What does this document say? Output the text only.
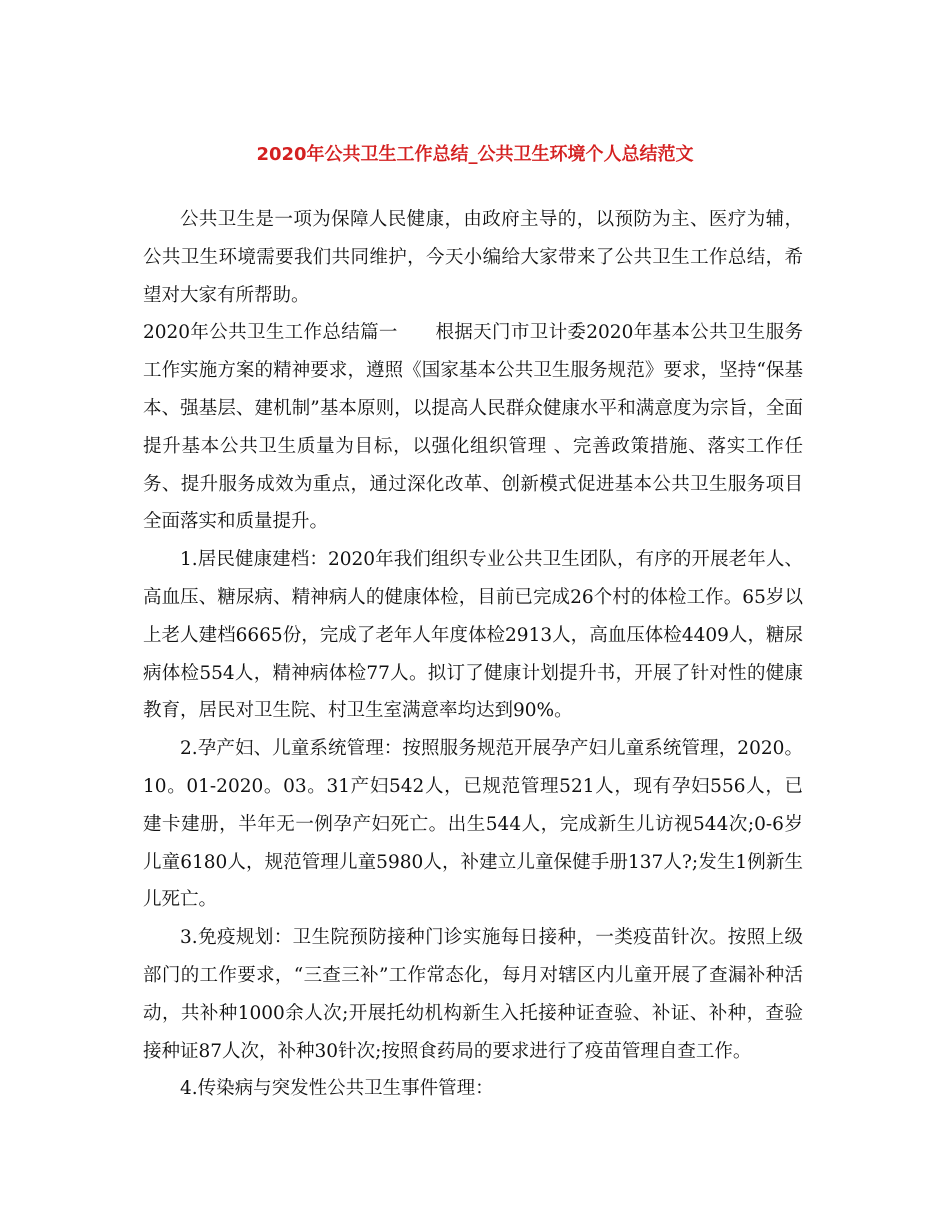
2020年公共卫生工作总结_公共卫生环境个人总结范文

公共卫生是一项为保障人民健康，由政府主导的，以预防为主、医疗为辅，公共卫生环境需要我们共同维护，今天小编给大家带来了公共卫生工作总结，希望对大家有所帮助。

2020年公共卫生工作总结篇一　　根据天门市卫计委2020年基本公共卫生服务工作实施方案的精神要求，遵照《国家基本公共卫生服务规范》要求，坚持“保基本、强基层、建机制”基本原则，以提高人民群众健康水平和满意度为宗旨，全面提升基本公共卫生质量为目标，以强化组织管理 、完善政策措施、落实工作任务、提升服务成效为重点，通过深化改革、创新模式促进基本公共卫生服务项目全面落实和质量提升。

1.居民健康建档：2020年我们组织专业公共卫生团队，有序的开展老年人、高血压、糖尿病、精神病人的健康体检，目前已完成26个村的体检工作。65岁以上老人建档6665份，完成了老年人年度体检2913人，高血压体检4409人，糖尿病体检554人，精神病体检77人。拟订了健康计划提升书，开展了针对性的健康教育，居民对卫生院、村卫生室满意率均达到90%。

2.孕产妇、儿童系统管理：按照服务规范开展孕产妇儿童系统管理，2020。10。01-2020。03。31产妇542人，已规范管理521人，现有孕妇556人，已建卡建册，半年无一例孕产妇死亡。出生544人，完成新生儿访视544次;0-6岁儿童6180人，规范管理儿童5980人，补建立儿童保健手册137人?;发生1例新生儿死亡。

3.免疫规划：卫生院预防接种门诊实施每日接种，一类疫苗针次。按照上级部门的工作要求，“三查三补”工作常态化，每月对辖区内儿童开展了查漏补种活动，共补种1000余人次;开展托幼机构新生入托接种证查验、补证、补种，查验接种证87人次，补种30针次;按照食药局的要求进行了疫苗管理自查工作。

4.传染病与突发性公共卫生事件管理：
